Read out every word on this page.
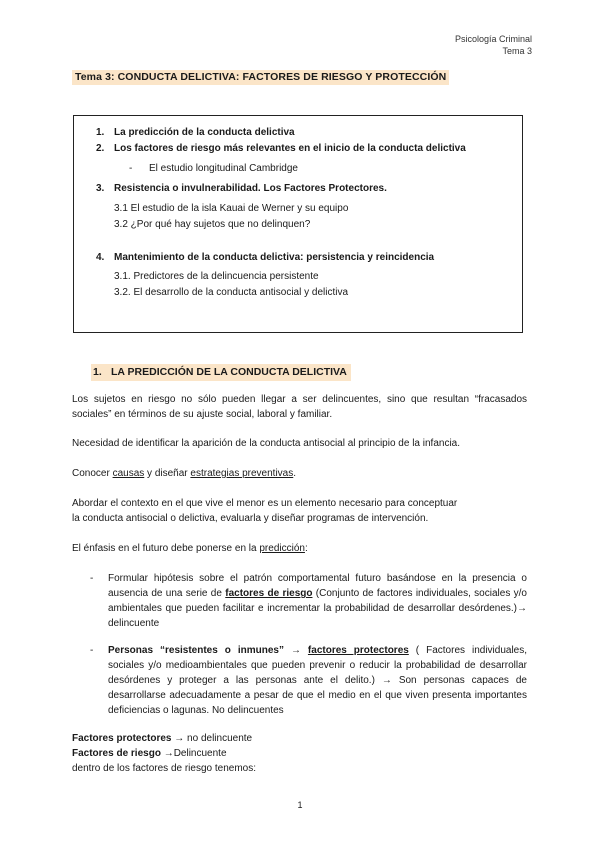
Psicología Criminal
Tema 3
Tema 3: CONDUCTA DELICTIVA: FACTORES DE RIESGO Y PROTECCIÓN
1. La predicción de la conducta delictiva
2. Los factores de riesgo más relevantes en el inicio de la conducta delictiva
- El estudio longitudinal Cambridge
3. Resistencia o invulnerabilidad. Los Factores Protectores.
3.1 El estudio de la isla Kauai de Werner y su equipo
3.2 ¿Por qué hay sujetos que no delinquen?
4. Mantenimiento de la conducta delictiva: persistencia y reincidencia
3.1. Predictores de la delincuencia persistente
3.2. El desarrollo de la conducta antisocial y delictiva
1. LA PREDICCIÓN DE LA CONDUCTA DELICTIVA
Los sujetos en riesgo no sólo pueden llegar a ser delincuentes, sino que resultan “fracasados sociales” en términos de su ajuste social, laboral y familiar.
Necesidad de identificar la aparición de la conducta antisocial al principio de la infancia.
Conocer causas y diseñar estrategias preventivas.
Abordar el contexto en el que vive el menor es un elemento necesario para conceptuar
la conducta antisocial o delictiva, evaluarla y diseñar programas de intervención.
El énfasis en el futuro debe ponerse en la predicción:
- Formular hipótesis sobre el patrón comportamental futuro basándose en la presencia o ausencia de una serie de factores de riesgo (Conjunto de factores individuales, sociales y/o ambientales que pueden facilitar e incrementar la probabilidad de desarrollar desórdenes.)→ delincuente
- Personas “resistentes o inmunes” → factores protectores ( Factores individuales, sociales y/o medioambientales que pueden prevenir o reducir la probabilidad de desarrollar desórdenes y proteger a las personas ante el delito.) → Son personas capaces de desarrollarse adecuadamente a pesar de que el medio en el que viven presenta importantes deficiencias o lagunas. No delincuentes
Factores protectores → no delincuente
Factores de riesgo →Delincuente
dentro de los factores de riesgo tenemos:
1
